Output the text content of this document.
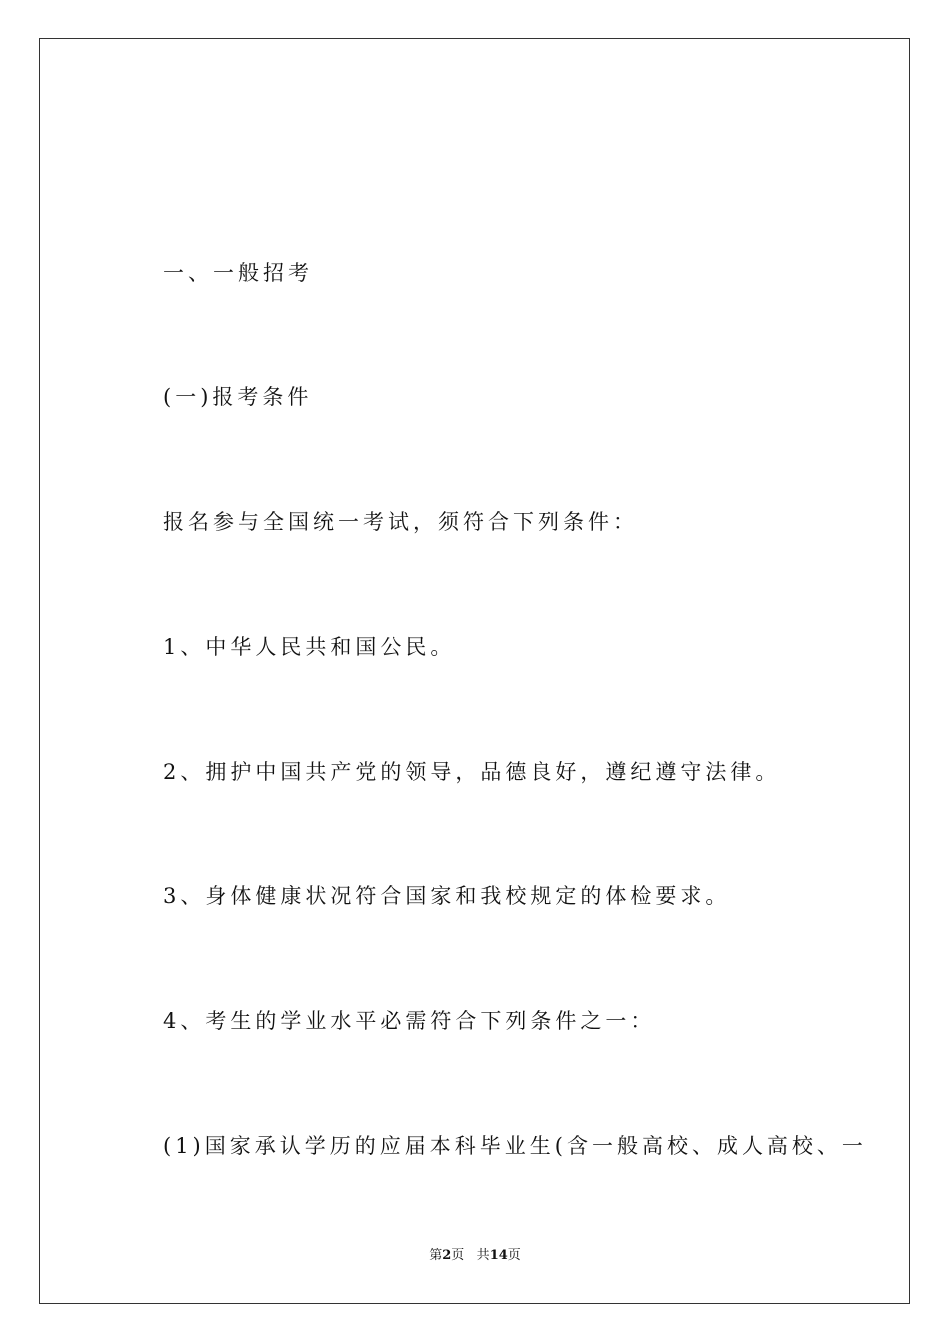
一、一般招考
(一)报考条件
报名参与全国统一考试，须符合下列条件：
1、中华人民共和国公民。
2、拥护中国共产党的领导，品德良好，遵纪遵守法律。
3、身体健康状况符合国家和我校规定的体检要求。
4、考生的学业水平必需符合下列条件之一：
(1)国家承认学历的应届本科毕业生(含一般高校、成人高校、一
第2页 共14页
